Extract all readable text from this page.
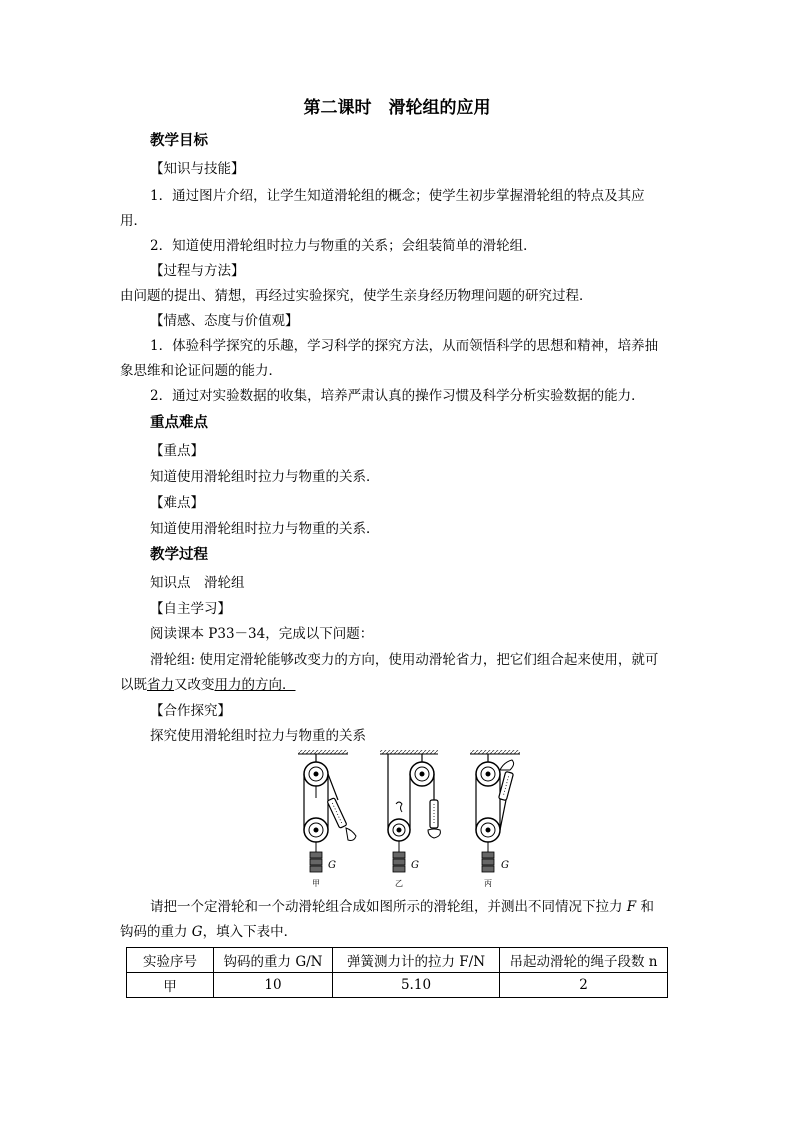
第二课时　滑轮组的应用
教学目标
【知识与技能】
1．通过图片介绍，让学生知道滑轮组的概念；使学生初步掌握滑轮组的特点及其应
用．
2．知道使用滑轮组时拉力与物重的关系；会组装简单的滑轮组．
【过程与方法】
由问题的提出、猜想，再经过实验探究，使学生亲身经历物理问题的研究过程．
【情感、态度与价值观】
1．体验科学探究的乐趣，学习科学的探究方法，从而领悟科学的思想和精神，培养抽
象思维和论证问题的能力．
2．通过对实验数据的收集，培养严肃认真的操作习惯及科学分析实验数据的能力．
重点难点
【重点】
知道使用滑轮组时拉力与物重的关系．
【难点】
知道使用滑轮组时拉力与物重的关系．
教学过程
知识点　滑轮组
【自主学习】
阅读课本 P33－34，完成以下问题：
滑轮组: 使用定滑轮能够改变力的方向，使用动滑轮省力，把它们组合起来使用，就可
以既省力又改变用力的方向．
【合作探究】
探究使用滑轮组时拉力与物重的关系
G
甲
G
乙
G
丙
请把一个定滑轮和一个动滑轮组合成如图所示的滑轮组，并测出不同情况下拉力 F 和
钩码的重力 G，填入下表中．
实验序号	钩码的重力 G/N	弹簧测力计的拉力 F/N	吊起动滑轮的绳子段数 n
甲	10	5.10	2
